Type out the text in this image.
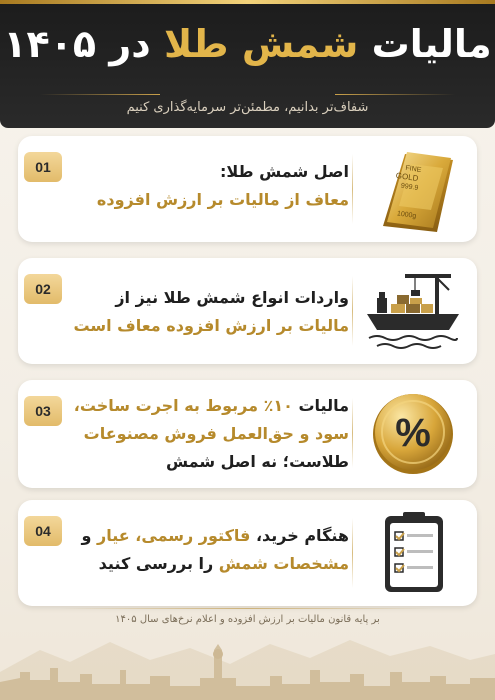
مالیات شمش طلا در ۱۴۰۵
شفاف‌تر بدانیم، مطمئن‌تر سرمایه‌گذاری کنیم
01	اصل شمش طلا:
معاف از مالیات بر ارزش افزوده
FINE
GOLD
999.9
1000g
02	واردات انواع شمش طلا نیز از
مالیات بر ارزش افزوده معاف است
03	مالیات ۱۰٪ مربوط به اجرت ساخت،
سود و حق‌العمل فروش مصنوعات
طلاست؛ نه اصل شمش
%
04	هنگام خرید، فاکتور رسمی، عیار و
مشخصات شمش را بررسی کنید
بر پایه قانون مالیات بر ارزش افزوده و اعلام نرخ‌های سال ۱۴۰۵
